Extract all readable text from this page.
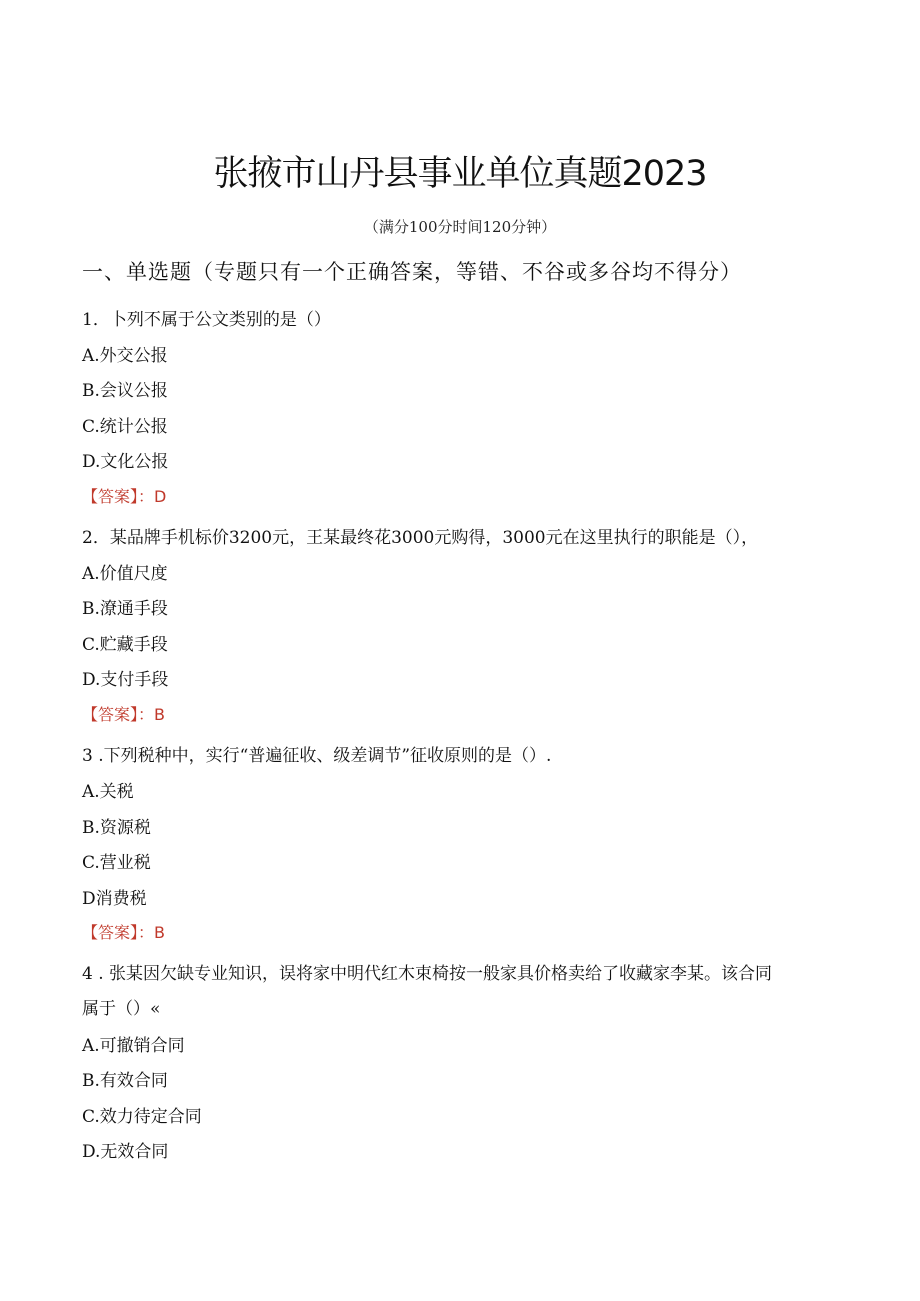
张掖市山丹县事业单位真题2023
（满分100分时间120分钟）
一、单选题（专题只有一个正确答案，等错、不谷或多谷均不得分）
1．卜列不属于公文类别的是（）
A.外交公报
B.会议公报
C.统计公报
D.文化公报
【答案】：D
2．某品牌手机标价3200元，王某最终花3000元购得，3000元在这里执行的职能是（），
A.价值尺度
B.潦通手段
C.贮藏手段
D.支付手段
【答案】：B
3 .下列税种中，实行“普遍征收、级差调节”征收原则的是（）.
A.关税
B.资源税
C.营业税
D消费税
【答案】：B
4 . 张某因欠缺专业知识，误将家中明代红木束椅按一般家具价格卖给了收藏家李某。该合同
属于（）«
A.可撤销合同
B.有效合同
C.效力待定合同
D.无效合同
